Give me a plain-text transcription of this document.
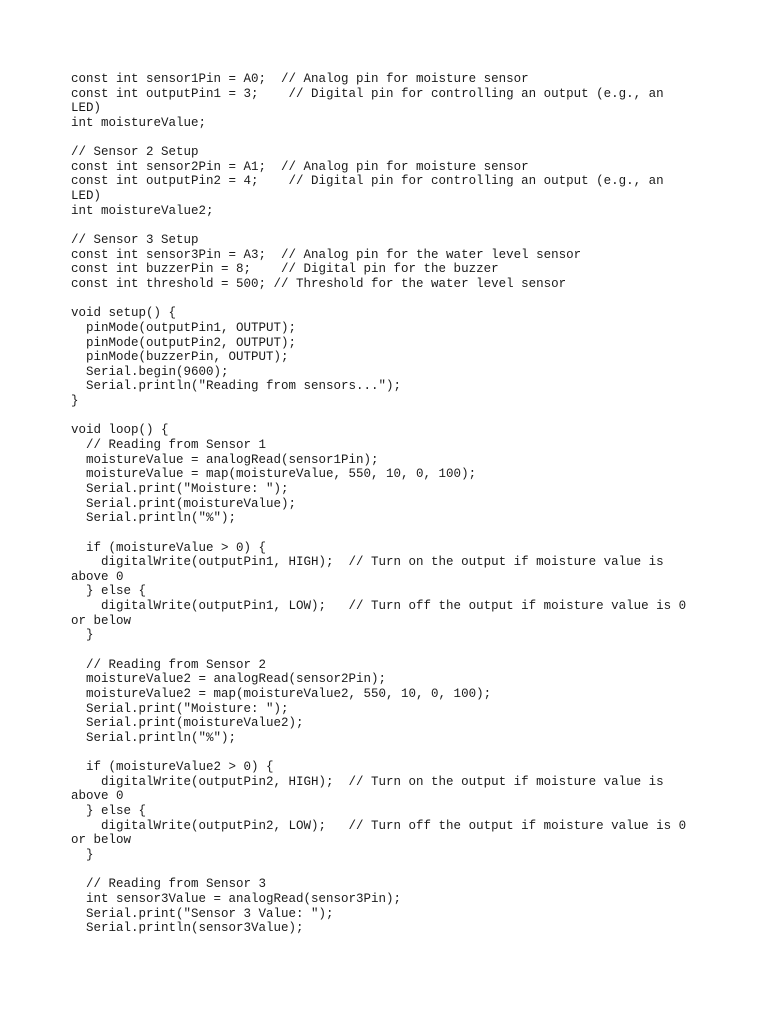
const int sensor1Pin = A0;  // Analog pin for moisture sensor
const int outputPin1 = 3;    // Digital pin for controlling an output (e.g., an
LED)
int moistureValue;
// Sensor 2 Setup
const int sensor2Pin = A1;  // Analog pin for moisture sensor
const int outputPin2 = 4;    // Digital pin for controlling an output (e.g., an
LED)
int moistureValue2;
// Sensor 3 Setup
const int sensor3Pin = A3;  // Analog pin for the water level sensor
const int buzzerPin = 8;    // Digital pin for the buzzer
const int threshold = 500; // Threshold for the water level sensor
void setup() {
pinMode(outputPin1, OUTPUT);
pinMode(outputPin2, OUTPUT);
pinMode(buzzerPin, OUTPUT);
Serial.begin(9600);
Serial.println("Reading from sensors...");
}
void loop() {
// Reading from Sensor 1
moistureValue = analogRead(sensor1Pin);
moistureValue = map(moistureValue, 550, 10, 0, 100);
Serial.print("Moisture: ");
Serial.print(moistureValue);
Serial.println("%");
if (moistureValue > 0) {
digitalWrite(outputPin1, HIGH);  // Turn on the output if moisture value is
above 0
} else {
digitalWrite(outputPin1, LOW);   // Turn off the output if moisture value is 0
or below
}
// Reading from Sensor 2
moistureValue2 = analogRead(sensor2Pin);
moistureValue2 = map(moistureValue2, 550, 10, 0, 100);
Serial.print("Moisture: ");
Serial.print(moistureValue2);
Serial.println("%");
if (moistureValue2 > 0) {
digitalWrite(outputPin2, HIGH);  // Turn on the output if moisture value is
above 0
} else {
digitalWrite(outputPin2, LOW);   // Turn off the output if moisture value is 0
or below
}
// Reading from Sensor 3
int sensor3Value = analogRead(sensor3Pin);
Serial.print("Sensor 3 Value: ");
Serial.println(sensor3Value);
